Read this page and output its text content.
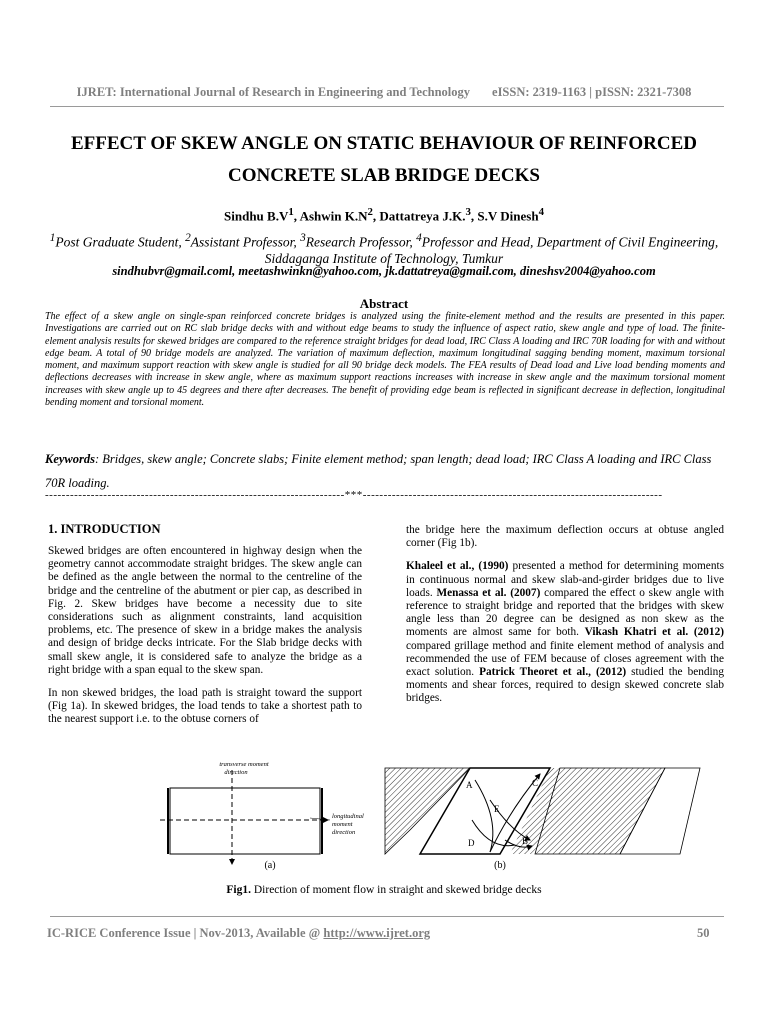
IJRET: International Journal of Research in Engineering and Technology eISSN: 2319-1163 | pISSN: 2321-7308
EFFECT OF SKEW ANGLE ON STATIC BEHAVIOUR OF REINFORCED
CONCRETE SLAB BRIDGE DECKS
Sindhu $B.V^1$, Ashwin $K.N^2$, Dattatreya J.K.$^3$, S.V Dinesh$^4$
$^1$Post Graduate Student, $^2$Assistant Professor, $^3$Research Professor, $^4$Professor and Head, Department of Civil Engineering, Siddaganga Institute of Technology, Tumkur
sindhubvr@gmail.coml, meetashwinkn@yahoo.com, jk.dattatreya@gmail.com, dineshsv2004@yahoo.com
Abstract
The effect of a skew angle on single-span reinforced concrete bridges is analyzed using the finite-element method and the results are presented in this paper. Investigations are carried out on RC slab bridge decks with and without edge beams to study the influence of aspect ratio, skew angle and type of load. The finite-element analysis results for skewed bridges are compared to the reference straight bridges for dead load, IRC Class A loading and IRC 70R loading for with and without edge beam. A total of 90 bridge models are analyzed. The variation of maximum deflection, maximum longitudinal sagging bending moment, maximum torsional moment, and maximum support reaction with skew angle is studied for all 90 bridge deck models. The FEA results of Dead load and Live load bending moments and deflections decreases with increase in skew angle, where as maximum support reactions increases with increase in skew angle and the maximum torsional moment increases with skew angle up to 45 degrees and there after decreases. The benefit of providing edge beam is reflected in significant decrease in deflection, longitudinal bending moment and torsional moment.
Keywords: Bridges, skew angle; Concrete slabs; Finite element method; span length; dead load; IRC Class A loading and IRC Class 70R loading.
------------------------------------------------------------------------***------------------------------------------------------------------------
1. INTRODUCTION

Skewed bridges are often encountered in highway design when the geometry cannot accommodate straight bridges. The skew angle can be defined as the angle between the normal to the centreline of the bridge and the centreline of the abutment or pier cap, as described in Fig. 2. Skew bridges have become a necessity due to site considerations such as alignment constraints, land acquisition problems, etc. The presence of skew in a bridge makes the analysis and design of bridge decks intricate. For the Slab bridge decks with small skew angle, it is considered safe to analyze the bridge as a right bridge with a span equal to the skew span.

In non skewed bridges, the load path is straight toward the support (Fig 1a). In skewed bridges, the load tends to take a shortest path to the nearest support i.e. to the obtuse corners of

the bridge here the maximum deflection occurs at obtuse angled corner (Fig 1b).

Khaleel et al., (1990) presented a method for determining moments in continuous normal and skew slab-and-girder bridges due to live loads. Menassa et al. (2007) compared the effect o skew angle with reference to straight bridge and reported that the bridges with skew angle less than 20 degree can be designed as non skew as the moments are almost same for both. Vikash Khatri et al. (2012) compared grillage method and finite element method of analysis and recommended the use of FEM because of closes agreement with the exact solution. Patrick Theoret et al., (2012) studied the bending moments and shear forces, required to design skewed concrete slab bridges.

transverse moment
direction
longitudinal
moment
direction
(a)
A
B
C
D
E
(b)
Fig1. Direction of moment flow in straight and skewed bridge decks
IC-RICE Conference Issue | Nov-2013, Available @ http://www.ijret.org	50
